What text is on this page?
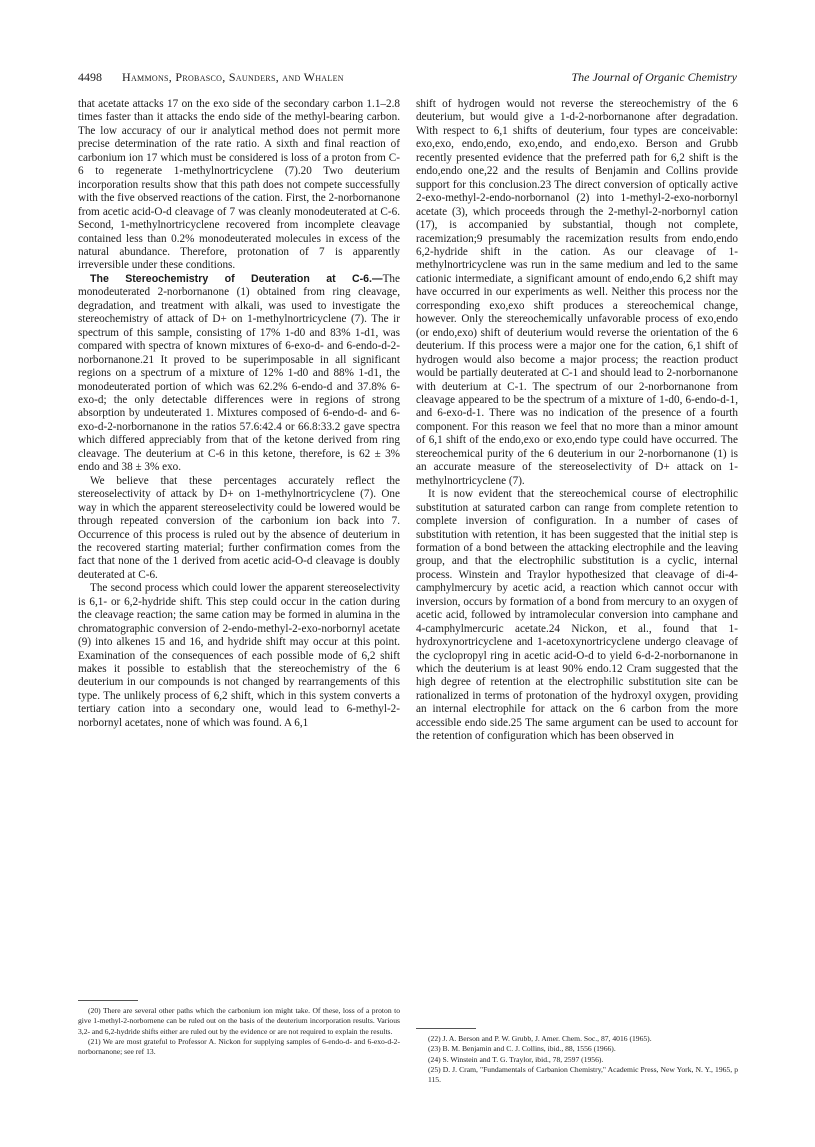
4498 Hammons, Probasco, Saunders, and Whalen	The Journal of Organic Chemistry

that acetate attacks 17 on the exo side of the secondary carbon 1.1–2.8 times faster than it attacks the endo side of the methyl-bearing carbon. The low accuracy of our ir analytical method does not permit more precise determination of the rate ratio. A sixth and final reaction of carbonium ion 17 which must be considered is loss of a proton from C-6 to regenerate 1-methylnortricyclene (7).20 Two deuterium incorporation results show that this path does not compete successfully with the five observed reactions of the cation. First, the 2-norbornanone from acetic acid-O-d cleavage of 7 was cleanly monodeuterated at C-6. Second, 1-methylnortricyclene recovered from incomplete cleavage contained less than 0.2% monodeuterated molecules in excess of the natural abundance. Therefore, protonation of 7 is apparently irreversible under these conditions.

The Stereochemistry of Deuteration at C-6.—The monodeuterated 2-norbornanone (1) obtained from ring cleavage, degradation, and treatment with alkali, was used to investigate the stereochemistry of attack of D+ on 1-methylnortricyclene (7). The ir spectrum of this sample, consisting of 17% 1-d0 and 83% 1-d1, was compared with spectra of known mixtures of 6-exo-d- and 6-endo-d-2-norbornanone.21 It proved to be superimposable in all significant regions on a spectrum of a mixture of 12% 1-d0 and 88% 1-d1, the monodeuterated portion of which was 62.2% 6-endo-d and 37.8% 6-exo-d; the only detectable differences were in regions of strong absorption by undeuterated 1. Mixtures composed of 6-endo-d- and 6-exo-d-2-norbornanone in the ratios 57.6:42.4 or 66.8:33.2 gave spectra which differed appreciably from that of the ketone derived from ring cleavage. The deuterium at C-6 in this ketone, therefore, is 62 ± 3% endo and 38 ± 3% exo.

We believe that these percentages accurately reflect the stereoselectivity of attack by D+ on 1-methylnortricyclene (7). One way in which the apparent stereoselectivity could be lowered would be through repeated conversion of the carbonium ion back into 7. Occurrence of this process is ruled out by the absence of deuterium in the recovered starting material; further confirmation comes from the fact that none of the 1 derived from acetic acid-O-d cleavage is doubly deuterated at C-6.

The second process which could lower the apparent stereoselectivity is 6,1- or 6,2-hydride shift. This step could occur in the cation during the cleavage reaction; the same cation may be formed in alumina in the chromatographic conversion of 2-endo-methyl-2-exo-norbornyl acetate (9) into alkenes 15 and 16, and hydride shift may occur at this point. Examination of the consequences of each possible mode of 6,2 shift makes it possible to establish that the stereochemistry of the 6 deuterium in our compounds is not changed by rearrangements of this type. The unlikely process of 6,2 shift, which in this system converts a tertiary cation into a secondary one, would lead to 6-methyl-2-norbornyl acetates, none of which was found. A 6,1

shift of hydrogen would not reverse the stereochemistry of the 6 deuterium, but would give a 1-d-2-norbornanone after degradation. With respect to 6,1 shifts of deuterium, four types are conceivable: exo,exo, endo,endo, exo,endo, and endo,exo. Berson and Grubb recently presented evidence that the preferred path for 6,2 shift is the endo,endo one,22 and the results of Benjamin and Collins provide support for this conclusion.23 The direct conversion of optically active 2-exo-methyl-2-endo-norbornanol (2) into 1-methyl-2-exo-norbornyl acetate (3), which proceeds through the 2-methyl-2-norbornyl cation (17), is accompanied by substantial, though not complete, racemization;9 presumably the racemization results from endo,endo 6,2-hydride shift in the cation. As our cleavage of 1-methylnortricyclene was run in the same medium and led to the same cationic intermediate, a significant amount of endo,endo 6,2 shift may have occurred in our experiments as well. Neither this process nor the corresponding exo,exo shift produces a stereochemical change, however. Only the stereochemically unfavorable process of exo,endo (or endo,exo) shift of deuterium would reverse the orientation of the 6 deuterium. If this process were a major one for the cation, 6,1 shift of hydrogen would also become a major process; the reaction product would be partially deuterated at C-1 and should lead to 2-norbornanone with deuterium at C-1. The spectrum of our 2-norbornanone from cleavage appeared to be the spectrum of a mixture of 1-d0, 6-endo-d-1, and 6-exo-d-1. There was no indication of the presence of a fourth component. For this reason we feel that no more than a minor amount of 6,1 shift of the endo,exo or exo,endo type could have occurred. The stereochemical purity of the 6 deuterium in our 2-norbornanone (1) is an accurate measure of the stereoselectivity of D+ attack on 1-methylnortricyclene (7).

It is now evident that the stereochemical course of electrophilic substitution at saturated carbon can range from complete retention to complete inversion of configuration. In a number of cases of substitution with retention, it has been suggested that the initial step is formation of a bond between the attacking electrophile and the leaving group, and that the electrophilic substitution is a cyclic, internal process. Winstein and Traylor hypothesized that cleavage of di-4-camphylmercury by acetic acid, a reaction which cannot occur with inversion, occurs by formation of a bond from mercury to an oxygen of acetic acid, followed by intramolecular conversion into camphane and 4-camphylmercuric acetate.24 Nickon, et al., found that 1-hydroxynortricyclene and 1-acetoxynortricyclene undergo cleavage of the cyclopropyl ring in acetic acid-O-d to yield 6-d-2-norbornanone in which the deuterium is at least 90% endo.12 Cram suggested that the high degree of retention at the electrophilic substitution site can be rationalized in terms of protonation of the hydroxyl oxygen, providing an internal electrophile for attack on the 6 carbon from the more accessible endo side.25 The same argument can be used to account for the retention of configuration which has been observed in

(20) There are several other paths which the carbonium ion might take. Of these, loss of a proton to give 1-methyl-2-norbornene can be ruled out on the basis of the deuterium incorporation results. Various 3,2- and 6,2-hydride shifts either are ruled out by the evidence or are not required to explain the results.

(21) We are most grateful to Professor A. Nickon for supplying samples of 6-endo-d- and 6-exo-d-2-norbornanone; see ref 13.

(22) J. A. Berson and P. W. Grubb, J. Amer. Chem. Soc., 87, 4016 (1965).

(23) B. M. Benjamin and C. J. Collins, ibid., 88, 1556 (1966).

(24) S. Winstein and T. G. Traylor, ibid., 78, 2597 (1956).

(25) D. J. Cram, "Fundamentals of Carbanion Chemistry," Academic Press, New York, N. Y., 1965, p 115.
